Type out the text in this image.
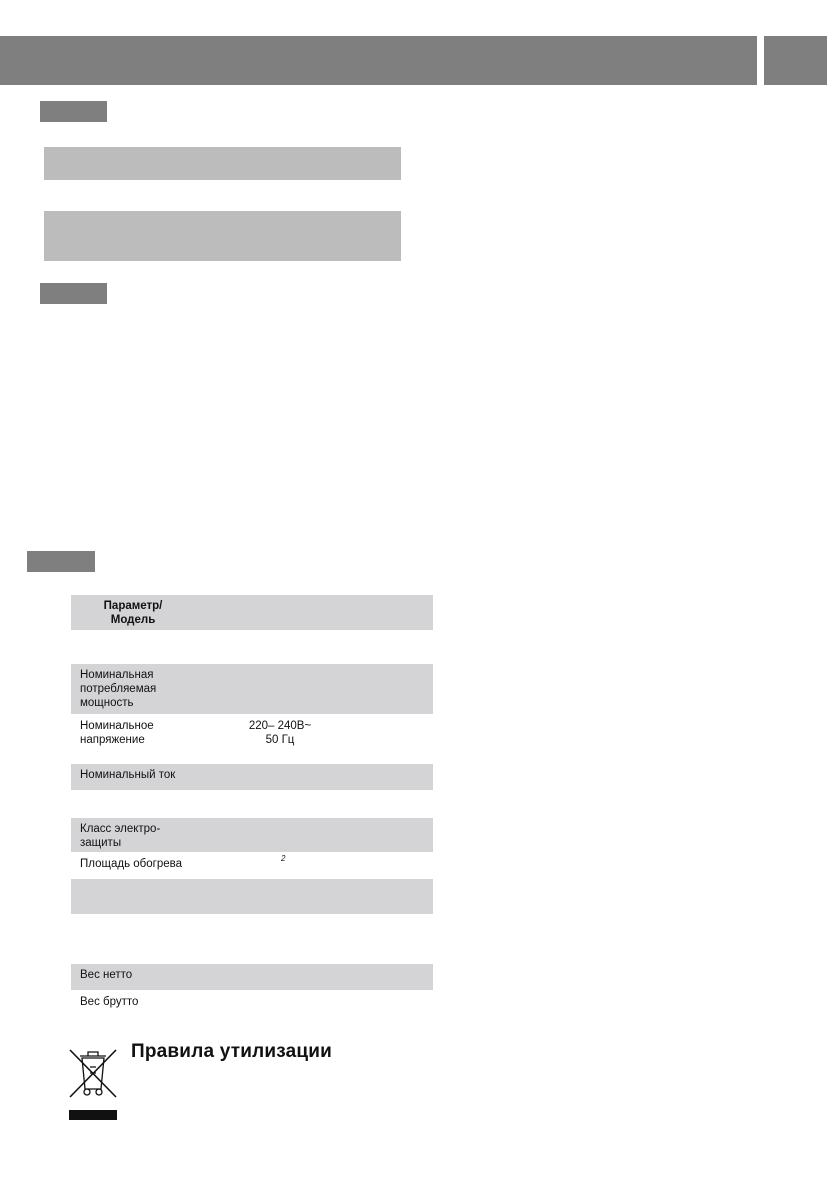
Параметр/
Модель
Номинальная
потребляемая
мощность
Номинальное
напряжение
220– 240В~
50 Гц
Номинальный ток
Класс электро-
защиты
Площадь обогрева	2
Вес нетто
Вес брутто
Правила утилизации
